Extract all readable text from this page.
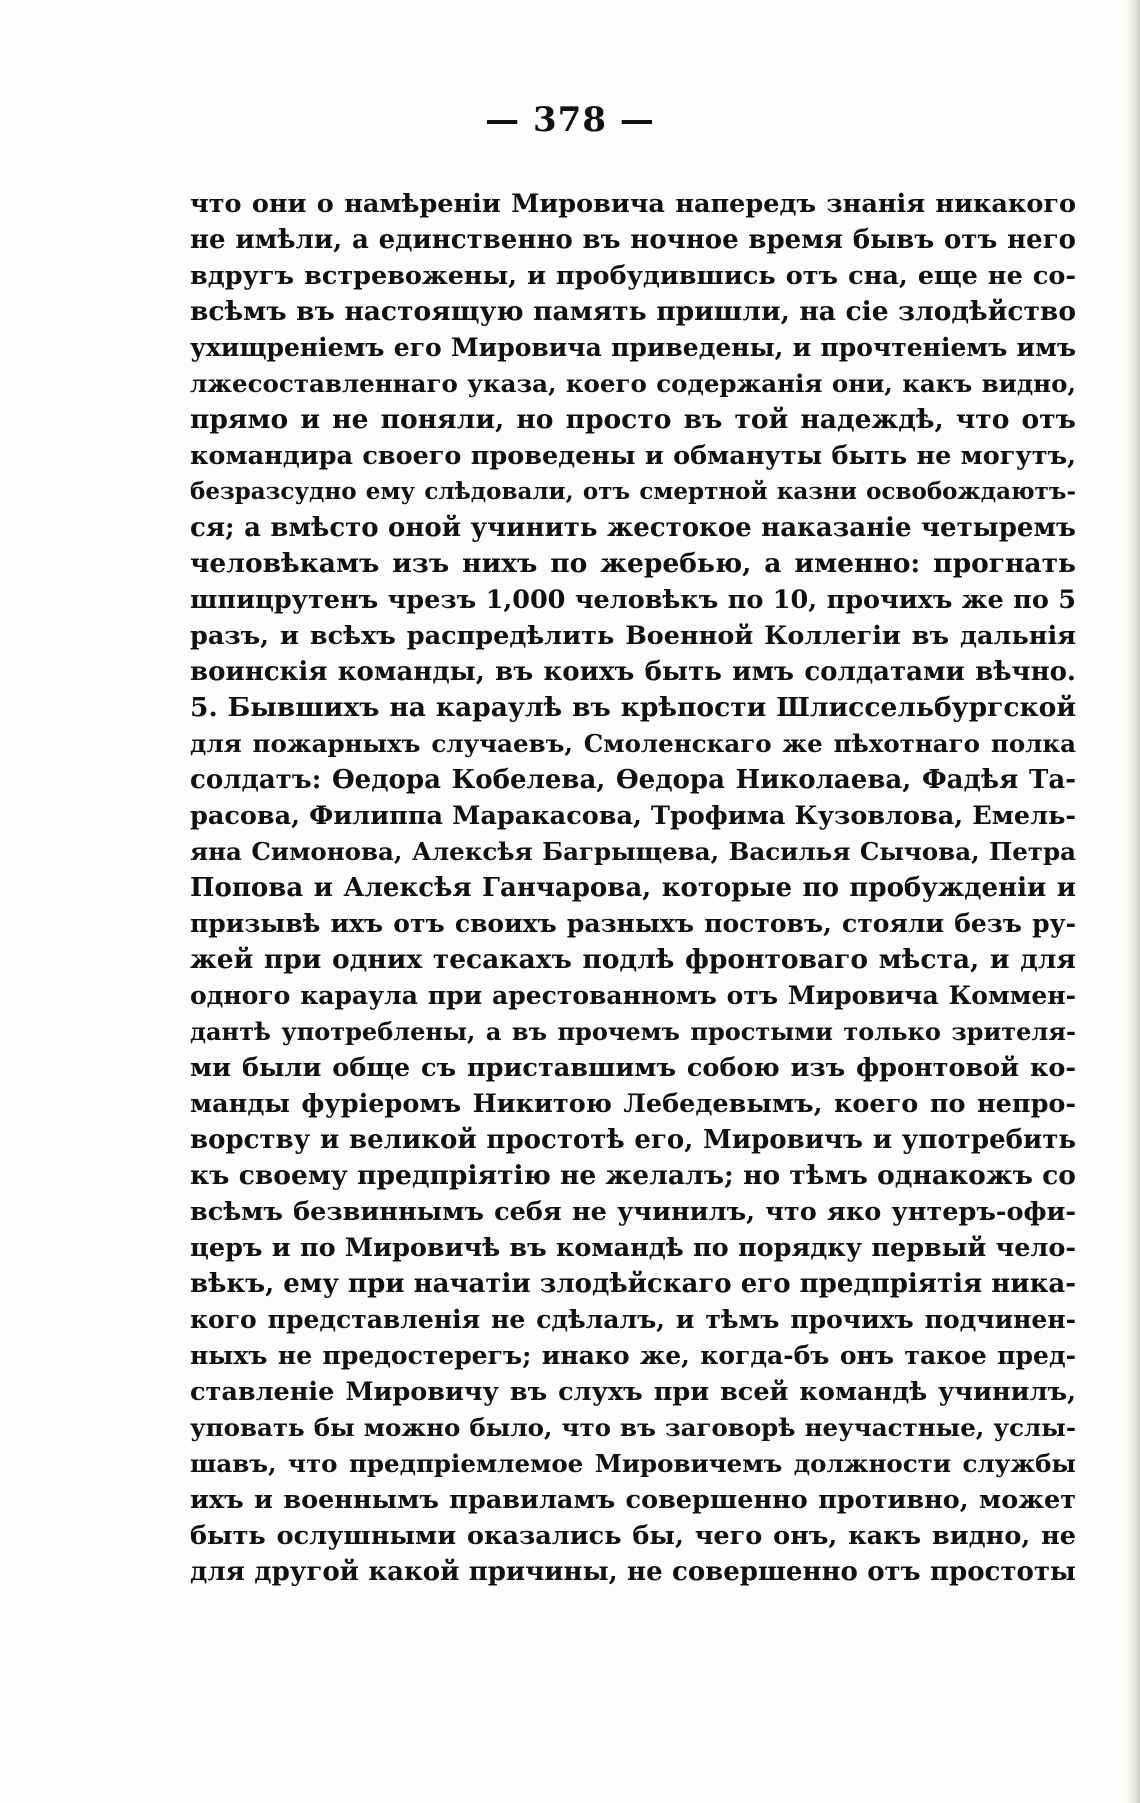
— 378 —
что они о намѣреніи Мировича напередъ знанія никакого
не имѣли, а единственно въ ночное время бывъ отъ него
вдругъ встревожены, и пробудившись отъ сна, еще не со-
всѣмъ въ настоящую память пришли, на сіе злодѣйство
ухищреніемъ его Мировича приведены, и прочтеніемъ имъ
лжесоставленнаго указа, коего содержанія они, какъ видно,
прямо и не поняли, но просто въ той надеждѣ, что отъ
командира своего проведены и обмануты быть не могутъ,
безразсудно ему слѣдовали, отъ смертной казни освобождаютъ-
ся; а вмѣсто оной учинить жестокое наказаніе четыремъ
человѣкамъ изъ нихъ по жеребью, а именно: прогнать
шпицрутенъ чрезъ 1,000 человѣкъ по 10, прочихъ же по 5
разъ, и всѣхъ распредѣлить Военной Коллегіи въ дальнія
воинскія команды, въ коихъ быть имъ солдатами вѣчно.
5. Бывшихъ на караулѣ въ крѣпости Шлиссельбургской
для пожарныхъ случаевъ, Смоленскаго же пѣхотнаго полка
солдатъ: Ѳедора Кобелева, Ѳедора Николаева, Фадѣя Та-
расова, Филиппа Маракасова, Трофима Кузовлова, Емель-
яна Симонова, Алексѣя Багрыщева, Василья Сычова, Петра
Попова и Алексѣя Ганчарова, которые по пробужденіи и
призывѣ ихъ отъ своихъ разныхъ постовъ, стояли безъ ру-
жей при одних тесакахъ подлѣ фронтоваго мѣста, и для
одного караула при арестованномъ отъ Мировича Коммен-
дантѣ употреблены, а въ прочемъ простыми только зрителя-
ми были обще съ приставшимъ собою изъ фронтовой ко-
манды фуріеромъ Никитою Лебедевымъ, коего по непро-
ворству и великой простотѣ его, Мировичъ и употребить
къ своему предпріятію не желалъ; но тѣмъ однакожъ со
всѣмъ безвиннымъ себя не учинилъ, что яко унтеръ-офи-
церъ и по Мировичѣ въ командѣ по порядку первый чело-
вѣкъ, ему при начатіи злодѣйскаго его предпріятія ника-
кого представленія не сдѣлалъ, и тѣмъ прочихъ подчинен-
ныхъ не предостерегъ; инако же, когда-бъ онъ такое пред-
ставленіе Мировичу въ слухъ при всей командѣ учинилъ,
уповать бы можно было, что въ заговорѣ неучастные, услы-
шавъ, что предпріемлемое Мировичемъ должности службы
ихъ и военнымъ правиламъ совершенно противно, может
быть ослушными оказались бы, чего онъ, какъ видно, не
для другой какой причины, не совершенно отъ простоты
